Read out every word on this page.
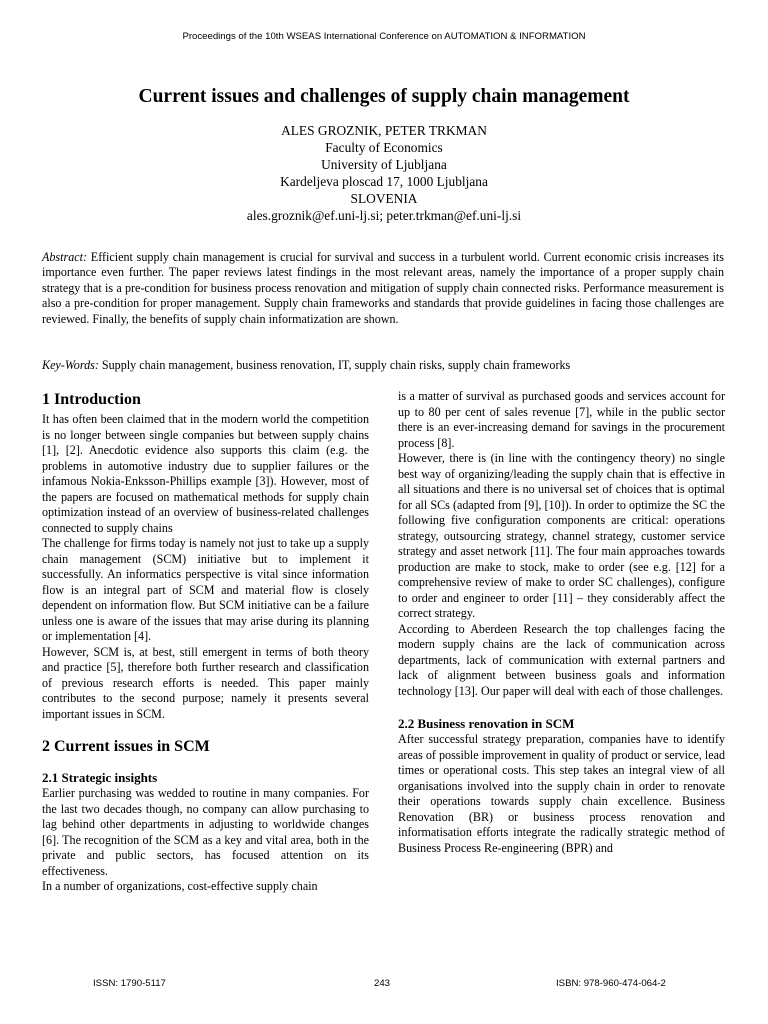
Proceedings of the 10th WSEAS International Conference on AUTOMATION & INFORMATION
Current issues and challenges of supply chain management
ALES GROZNIK, PETER TRKMAN
Faculty of Economics
University of Ljubljana
Kardeljeva ploscad 17, 1000 Ljubljana
SLOVENIA
ales.groznik@ef.uni-lj.si; peter.trkman@ef.uni-lj.si
Abstract: Efficient supply chain management is crucial for survival and success in a turbulent world. Current economic crisis increases its importance even further. The paper reviews latest findings in the most relevant areas, namely the importance of a proper supply chain strategy that is a pre-condition for business process renovation and mitigation of supply chain connected risks. Performance measurement is also a pre-condition for proper management. Supply chain frameworks and standards that provide guidelines in facing those challenges are reviewed. Finally, the benefits of supply chain informatization are shown.
Key-Words: Supply chain management, business renovation, IT, supply chain risks, supply chain frameworks
1 Introduction

It has often been claimed that in the modern world the competition is no longer between single companies but between supply chains [1], [2]. Anecdotic evidence also supports this claim (e.g. the problems in automotive industry due to supplier failures or the infamous Nokia-Enksson-Phillips example [3]). However, most of the papers are focused on mathematical methods for supply chain optimization instead of an overview of business-related challenges connected to supply chains

The challenge for firms today is namely not just to take up a supply chain management (SCM) initiative but to implement it successfully. An informatics perspective is vital since information flow is an integral part of SCM and material flow is closely dependent on information flow. But SCM initiative can be a failure unless one is aware of the issues that may arise during its planning or implementation [4].

However, SCM is, at best, still emergent in terms of both theory and practice [5], therefore both further research and classification of previous research efforts is needed. This paper mainly contributes to the second purpose; namely it presents several important issues in SCM.

2 Current issues in SCM
2.1 Strategic insights

Earlier purchasing was wedded to routine in many companies. For the last two decades though, no company can allow purchasing to lag behind other departments in adjusting to worldwide changes [6]. The recognition of the SCM as a key and vital area, both in the private and public sectors, has focused attention on its effectiveness.

In a number of organizations, cost-effective supply chain

is a matter of survival as purchased goods and services account for up to 80 per cent of sales revenue [7], while in the public sector there is an ever-increasing demand for savings in the procurement process [8].

However, there is (in line with the contingency theory) no single best way of organizing/leading the supply chain that is effective in all situations and there is no universal set of choices that is optimal for all SCs (adapted from [9], [10]). In order to optimize the SC the following five configuration components are critical: operations strategy, outsourcing strategy, channel strategy, customer service strategy and asset network [11]. The four main approaches towards production are make to stock, make to order (see e.g. [12] for a comprehensive review of make to order SC challenges), configure to order and engineer to order [11] – they considerably affect the correct strategy.

According to Aberdeen Research the top challenges facing the modern supply chains are the lack of communication across departments, lack of communication with external partners and lack of alignment between business goals and information technology [13]. Our paper will deal with each of those challenges.

2.2 Business renovation in SCM

After successful strategy preparation, companies have to identify areas of possible improvement in quality of product or service, lead times or operational costs. This step takes an integral view of all organisations involved into the supply chain in order to renovate their operations towards supply chain excellence. Business Renovation (BR) or business process renovation and informatisation efforts integrate the radically strategic method of Business Process Re-engineering (BPR) and

ISSN: 1790-5117	243	ISBN: 978-960-474-064-2
